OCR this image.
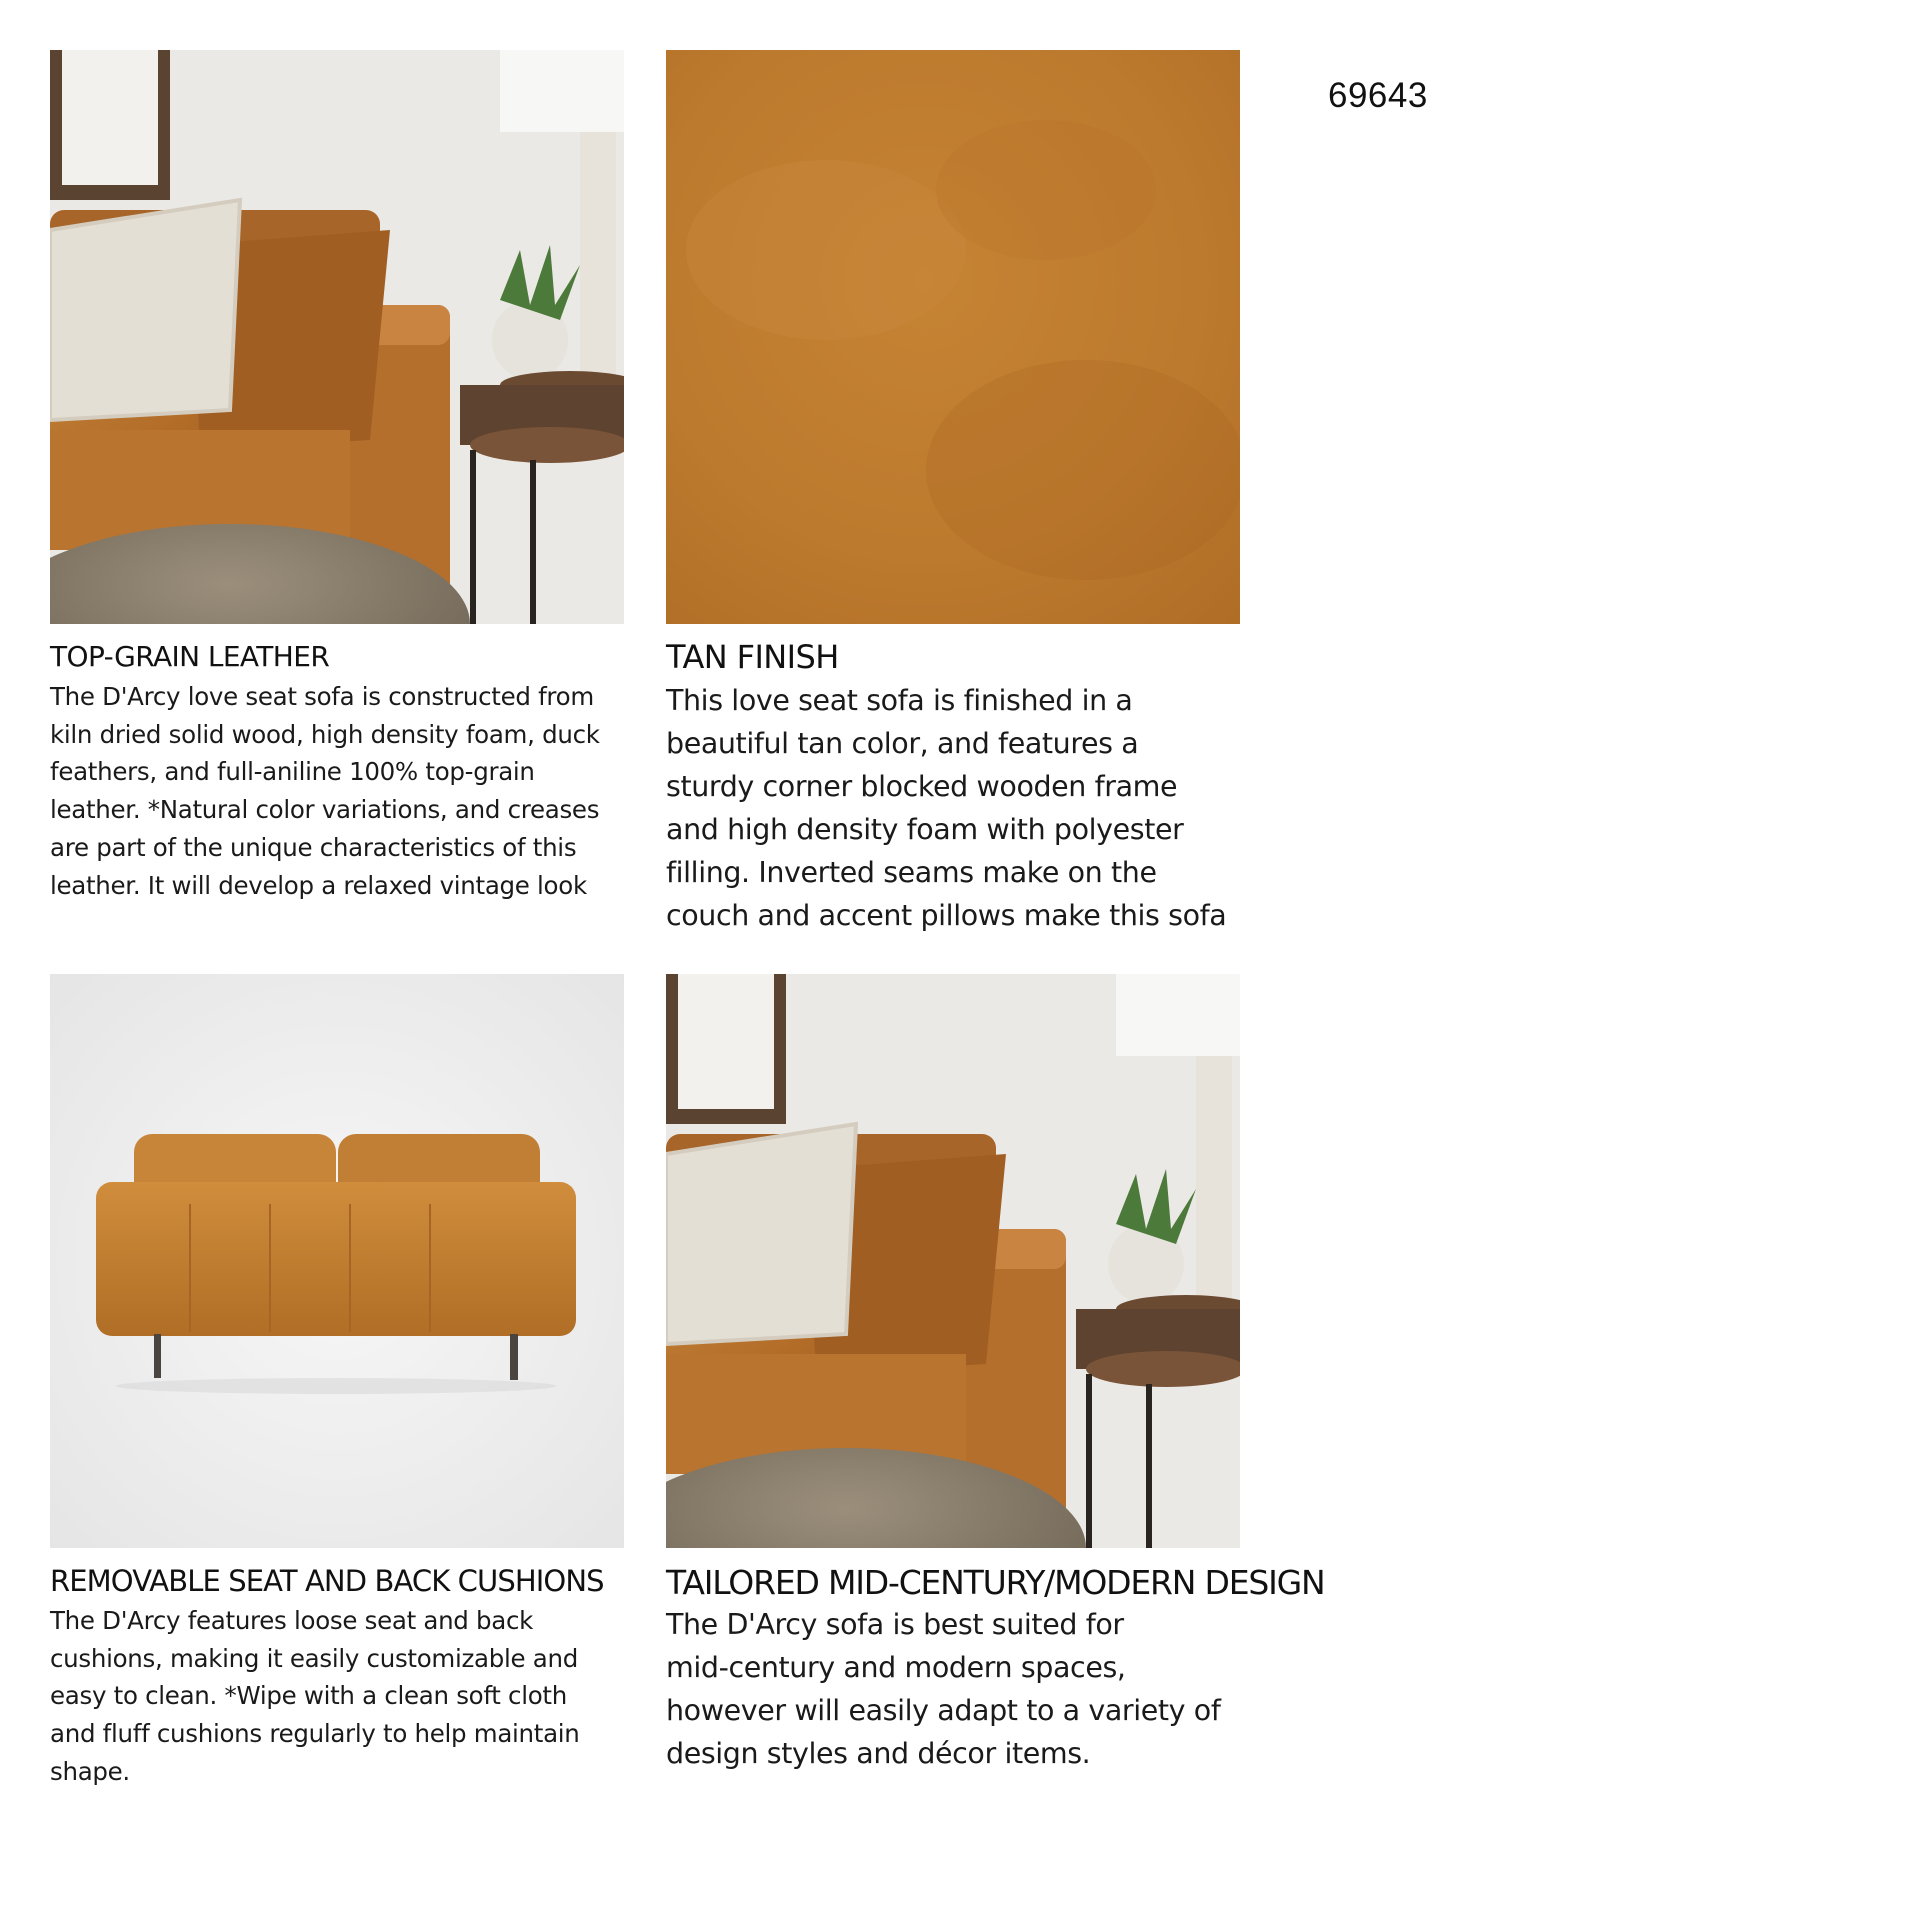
69643
TOP-GRAIN LEATHER
The D'Arcy love seat sofa is constructed from
kiln dried solid wood, high density foam, duck
feathers, and full-aniline 100% top-grain
leather. *Natural color variations, and creases
are part of the unique characteristics of this
leather. It will develop a relaxed vintage look
TAN FINISH
This love seat sofa is finished in a
beautiful tan color, and features a
sturdy corner blocked wooden frame
and high density foam with polyester
filling. Inverted seams make on the
couch and accent pillows make this sofa
REMOVABLE SEAT AND BACK CUSHIONS
The D'Arcy features loose seat and back
cushions, making it easily customizable and
easy to clean. *Wipe with a clean soft cloth
and fluff cushions regularly to help maintain
shape.
TAILORED MID-CENTURY/MODERN DESIGN
The D'Arcy sofa is best suited for
mid-century and modern spaces,
however will easily adapt to a variety of
design styles and décor items.
